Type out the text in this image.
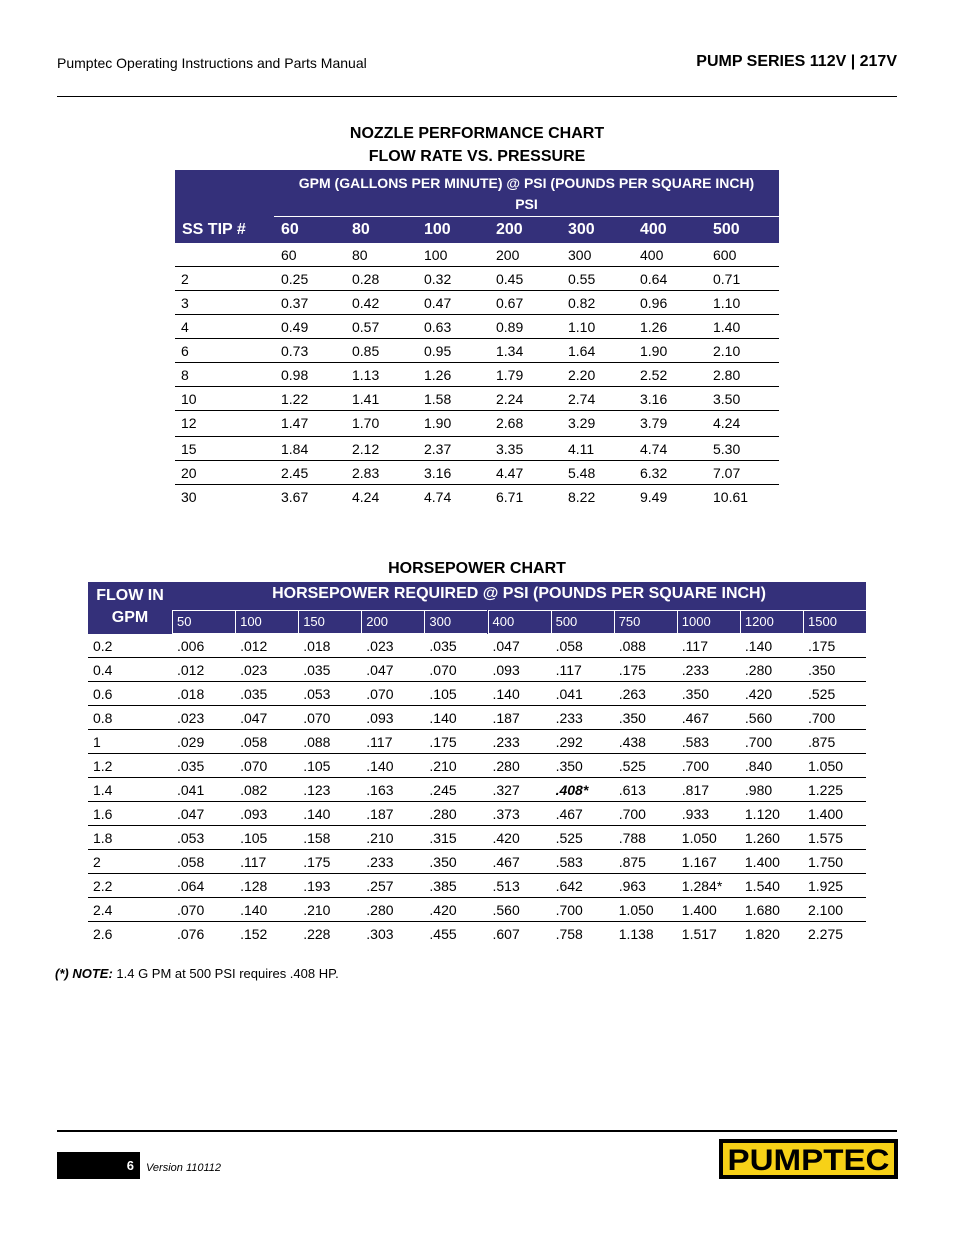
Pumptec Operating Instructions and Parts Manual	PUMP SERIES 112V | 217V
NOZZLE PERFORMANCE CHART
FLOW RATE VS. PRESSURE
GPM (GALLONS PER MINUTE) @ PSI (POUNDS PER SQUARE INCH)
PSI
SS TIP # 60	80	100	200	300	400	500
60	80	100	200	300	400	600
2	0.25	0.28	0.32	0.45	0.55	0.64	0.71
3	0.37	0.42	0.47	0.67	0.82	0.96	1.10
4	0.49	0.57	0.63	0.89	1.10	1.26	1.40
6	0.73	0.85	0.95	1.34	1.64	1.90	2.10
8	0.98	1.13	1.26	1.79	2.20	2.52	2.80
10	1.22	1.41	1.58	2.24	2.74	3.16	3.50
12	1.47	1.70	1.90	2.68	3.29	3.79	4.24
15	1.84	2.12	2.37	3.35	4.11	4.74	5.30
20	2.45	2.83	3.16	4.47	5.48	6.32	7.07
30	3.67	4.24	4.74	6.71	8.22	9.49	10.61
HORSEPOWER CHART
FLOW IN GPM
HORSEPOWER REQUIRED @ PSI (POUNDS PER SQUARE INCH)
50	100	150	200	300	400	500	750	1000	1200	1500
0.2	.006	.012	.018	.023	.035	.047	.058	.088	.117	.140	.175
0.4	.012	.023	.035	.047	.070	.093	.117	.175	.233	.280	.350
0.6	.018	.035	.053	.070	.105	.140	.041	.263	.350	.420	.525
0.8	.023	.047	.070	.093	.140	.187	.233	.350	.467	.560	.700
1	.029	.058	.088	.117	.175	.233	.292	.438	.583	.700	.875
1.2	.035	.070	.105	.140	.210	.280	.350	.525	.700	.840	1.050
1.4	.041	.082	.123	.163	.245	.327	.408* .613	.817	.980	1.225
1.6	.047	.093	.140	.187	.280	.373	.467	.700	.933	1.120 1.400
1.8	.053	.105	.158	.210	.315	.420	.525	.788	1.050 1.260 1.575
2	.058	.117	.175	.233	.350	.467	.583	.875	1.167 1.400 1.750
2.2	.064	.128	.193	.257	.385	.513	.642	.963	1.284* 1.540 1.925
2.4	.070	.140	.210	.280	.420	.560	.700	1.050 1.400 1.680 2.100
2.6	.076	.152	.228	.303	.455	.607	.758	1.138 1.517 1.820 2.275
(*) NOTE: 1.4 G PM at 500 PSI requires .408 HP.
6 Version 110112	PUMPTEC
